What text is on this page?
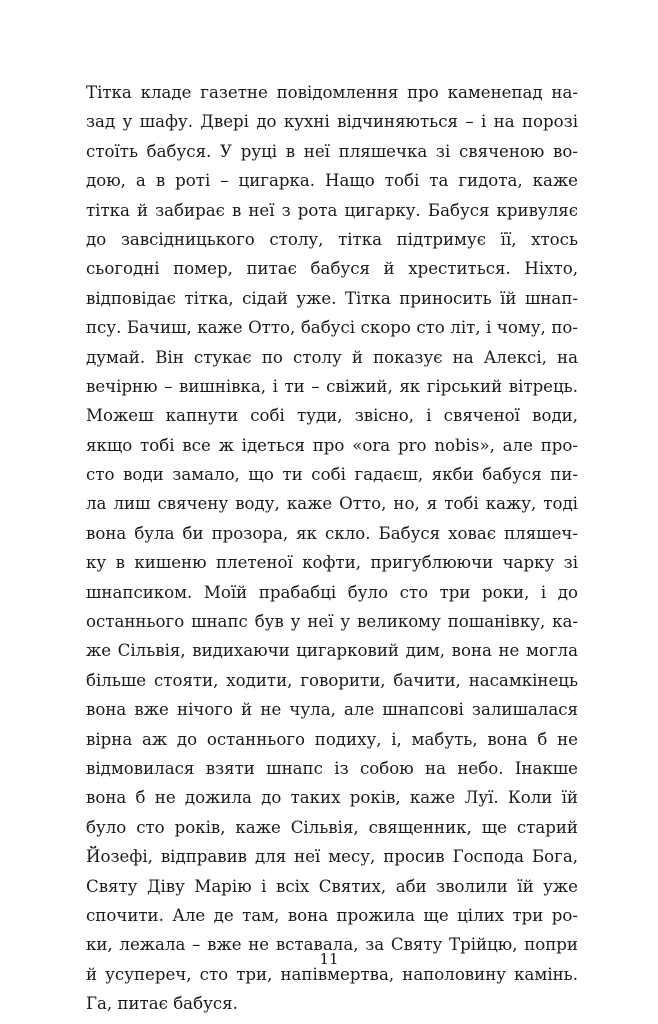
Тітка кладе газетне повідомлення про каменепад на-
зад у шафу. Двері до кухні відчиняються – і на порозі
стоїть бабуся. У руці в неї пляшечка зі свяченою во-
дою, а в роті – цигарка. Нащо тобі та гидота, каже
тітка й забирає в неї з рота цигарку. Бабуся кривуляє
до завсідницького столу, тітка підтримує її, хтось
сьогодні помер, питає бабуся й хреститься. Ніхто,
відповідає тітка, сідай уже. Тітка приносить їй шнап-
псу. Бачиш, каже Отто, бабусі скоро сто літ, і чому, по-
думай. Він стукає по столу й показує на Алексі, на
вечірню – вишнівка, і ти – свіжий, як гірський вітрець.
Можеш капнути собі туди, звісно, і свяченої води,
якщо тобі все ж ідеться про «ora pro nobis», але про-
сто води замало, що ти собі гадаєш, якби бабуся пи-
ла лиш свячену воду, каже Отто, но, я тобі кажу, тоді
вона була би прозора, як скло. Бабуся ховає пляшеч-
ку в кишеню плетеної кофти, пригублюючи чарку зі
шнапсиком. Моїй прабабці було сто три роки, і до
останнього шнапс був у неї у великому пошанівку, ка-
же Сільвія, видихаючи цигарковий дим, вона не могла
більше стояти, ходити, говорити, бачити, насамкінець
вона вже нічого й не чула, але шнапсові залишалася
вірна аж до останнього подиху, і, мабуть, вона б не
відмовилася взяти шнапс із собою на небо. Інакше
вона б не дожила до таких років, каже Луї. Коли їй
було сто років, каже Сільвія, священник, ще старий
Йозефі, відправив для неї месу, просив Господа Бога,
Святу Діву Марію і всіх Святих, аби зволили їй уже
спочити. Але де там, вона прожила ще цілих три ро-
ки, лежала – вже не вставала, за Святу Трійцю, попри
й усупереч, сто три, напівмертва, наполовину камінь.
Га, питає бабуся.
11
